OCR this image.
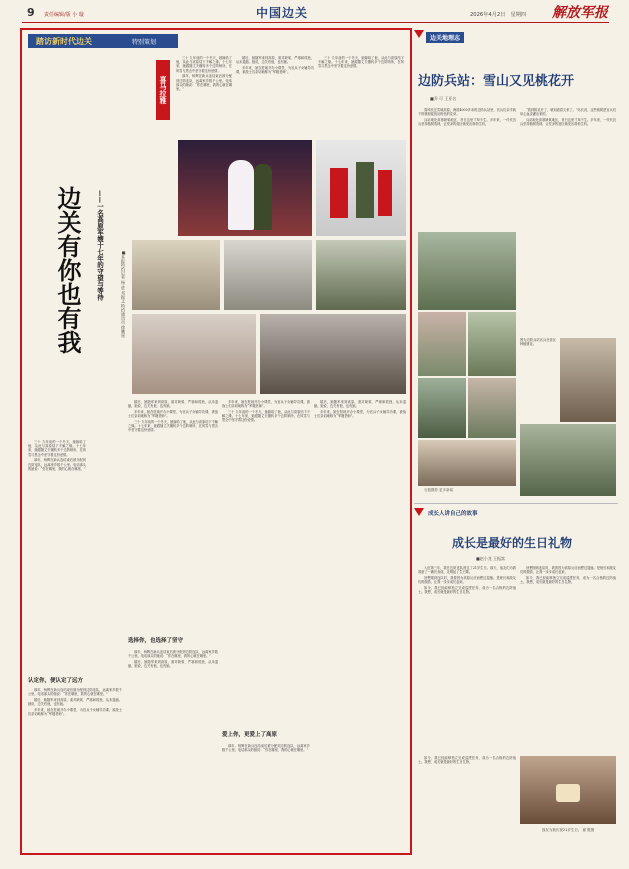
9 责任编辑/版 小 璇	中国边关	2026年4月2日　星期四 解放军报
踏访新时代边关	特别策划
喜马拉雅

三十 九年前的一个冬天，她嫁给了他，从此与高原结下不解之缘。十七年来，她跟随丈夫辗转多个边防哨所，在风雪与思念中坚守着这份爱情。

那年，杨辉在新兵连结束后被分配到边防连队，远离家乡数千公里。电话那头的她说：“你在哪里，我的心就在哪里。”

婚后，她随军来到高原，面对缺氧、严寒和孤独，从未退缩。她说，边关有他，也有她。

多年来，她在驻地开办小课堂，为官兵子女辅导功课，被战士们亲切地称为“军嫂老师”。

三十 九年前的一个冬天，她嫁给了他，从此与高原结下不解之缘。十七年来，她跟随丈夫辗转多个边防哨所，在风雪与思念中坚守着这份爱情。

边关有你也有我	——一名高原军嫂十七年的守望与等待	■本报特约记者 杨 进 邓振文 特约通讯员 徐鹏遥

三十 九年前的一个冬天，她嫁给了他，从此与高原结下不解之缘。十七年来，她跟随丈夫辗转多个边防哨所，在风雪与思念中坚守着这份爱情。

那年，杨辉在新兵连结束后被分配到边防连队，远离家乡数千公里。电话那头的她说：“你在哪里，我的心就在哪里。”

认定你，便认定了远方

那年，杨辉在新兵连结束后被分配到边防连队，远离家乡数千公里。电话那头的她说：“你在哪里，我的心就在哪里。”

婚后，她随军来到高原，面对缺氧、严寒和孤独，从未退缩。她说，边关有他，也有她。

多年来，她在驻地开办小课堂，为官兵子女辅导功课，被战士们亲切地称为“军嫂老师”。

婚后，她随军来到高原，面对缺氧、严寒和孤独，从未退缩。她说，边关有他，也有她。

多年来，她在驻地开办小课堂，为官兵子女辅导功课，被战士们亲切地称为“军嫂老师”。

三十 九年前的一个冬天，她嫁给了他，从此与高原结下不解之缘。十七年来，她跟随丈夫辗转多个边防哨所，在风雪与思念中坚守着这份爱情。

选择你，也选择了坚守

那年，杨辉在新兵连结束后被分配到边防连队，远离家乡数千公里。电话那头的她说：“你在哪里，我的心就在哪里。”

婚后，她随军来到高原，面对缺氧、严寒和孤独，从未退缩。她说，边关有他，也有她。

多年来，她在驻地开办小课堂，为官兵子女辅导功课，被战士们亲切地称为“军嫂老师”。

三十 九年前的一个冬天，她嫁给了他，从此与高原结下不解之缘。十七年来，她跟随丈夫辗转多个边防哨所，在风雪与思念中坚守着这份爱情。

爱上你，更爱上了高原

那年，杨辉在新兵连结束后被分配到边防连队，远离家乡数千公里。电话那头的她说：“你在哪里，我的心就在哪里。”

婚后，她随军来到高原，面对缺氧、严寒和孤独，从未退缩。她说，边关有他，也有她。

多年来，她在驻地开办小课堂，为官兵子女辅导功课，被战士们亲切地称为“军嫂老师”。

边关地理志
边防兵站：雪山又见桃花开
■乔 可 王亚名

春风吹过雪域高原，海拔4000多米的边防兵站里，官兵们亲手栽下的桃树绽放出粉色的花朵。

兵站地处高寒缺氧地区，昔日这里寸草不生。多年来，一代代官兵坚持植树造林，让荒凉的营区焕发出勃勃生机。

“看到桃花开了，就知道春天来了。”站长说，这些桃树是官兵们用心血浇灌出来的。

兵站地处高寒缺氧地区，昔日这里寸草不生。多年来，一代代官兵坚持植树造林，让荒凉的营区焕发出勃勃生机。

石磊摄影 更多新闻
图为边防兵站官兵在营区种植桃花。
成长人讲自己的故事
成长是最好的生日礼物
■赵小龙 王振富

入伍第三年，我在边防连队度过了21岁生日。那天，战友们为我准备了一碗长寿面，还唱起了生日歌。

回想刚到连队时，我曾因为高原反应而想过退缩。是班长和战友们的鼓励，让我一步步成长起来。

如今，我已经能够独立完成巡逻任务，成为一名合格的边防战士。我想，成长就是最好的生日礼物。

回想刚到连队时，我曾因为高原反应而想过退缩。是班长和战友们的鼓励，让我一步步成长起来。

如今，我已经能够独立完成巡逻任务，成为一名合格的边防战士。我想，成长就是最好的生日礼物。

战友为我庆祝21岁生日。 翟 胜摄

如今，我已经能够独立完成巡逻任务，成为一名合格的边防战士。我想，成长就是最好的生日礼物。
